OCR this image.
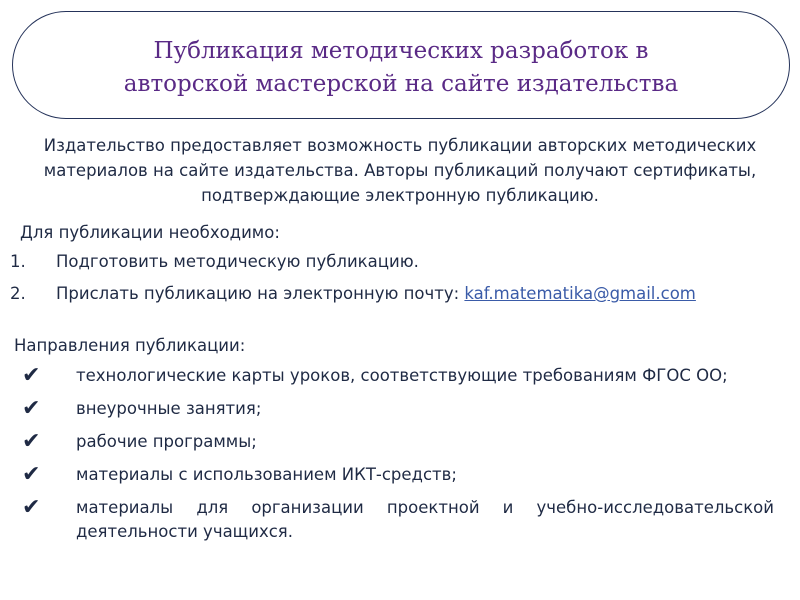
Публикация методических разработок в авторской мастерской на сайте издательства
Издательство предоставляет возможность публикации авторских методических материалов на сайте издательства. Авторы публикаций получают сертификаты, подтверждающие электронную публикацию.

Для публикации необходимо:

1.	Подготовить методическую публикацию.
2.	Прислать публикацию на электронную почту: kaf.matematika@gmail.com

Направления публикации:

✔	технологические карты уроков, соответствующие требованиям ФГОС ОО;
✔	внеурочные занятия;
✔	рабочие программы;
✔	материалы с использованием ИКТ-средств;
✔	материалы для организации проектной и учебно-исследовательской деятельности учащихся.
